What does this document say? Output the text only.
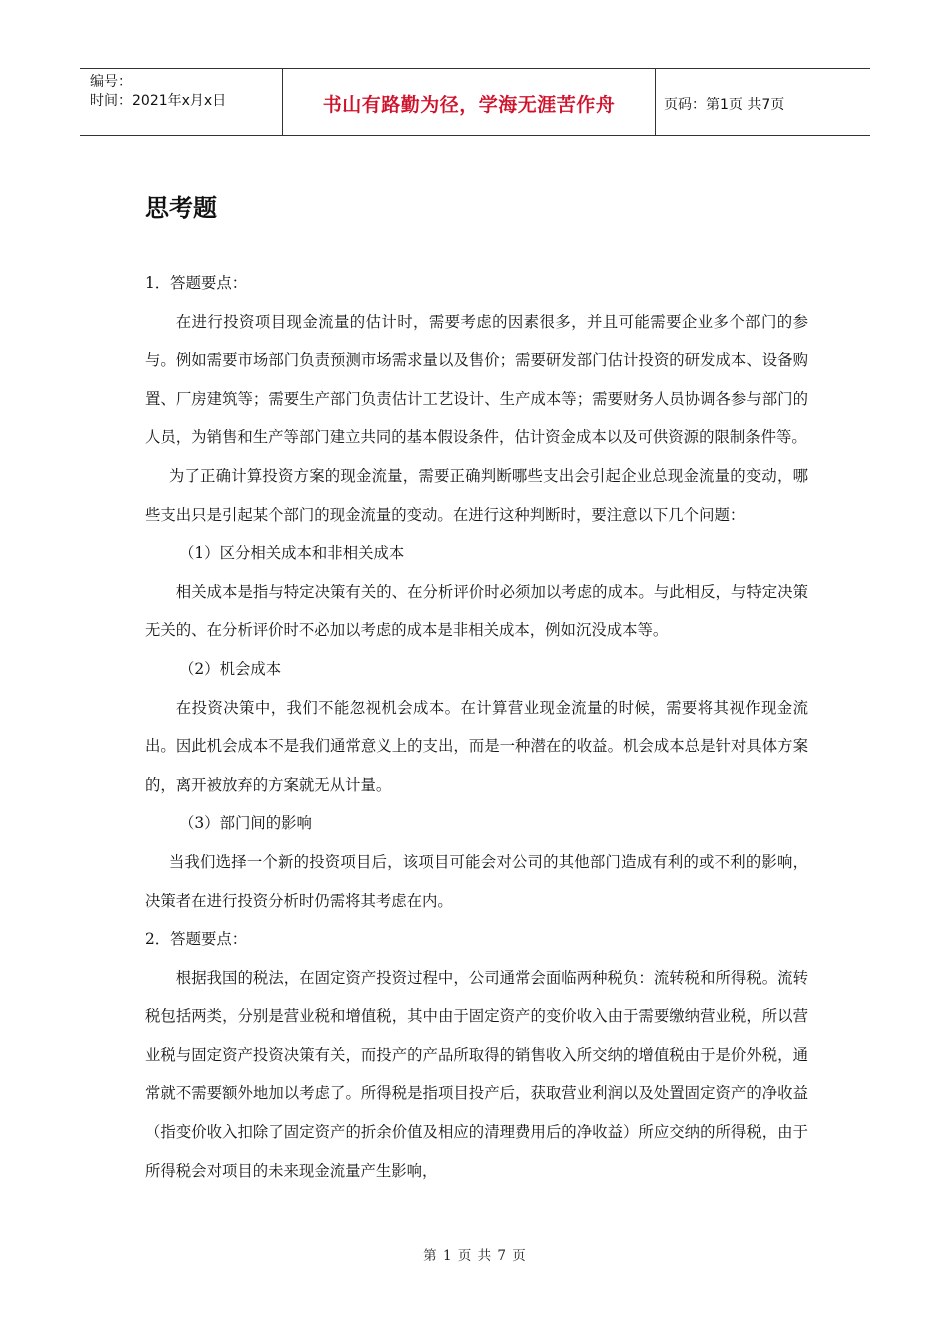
编号：
时间：2021年x月x日	书山有路勤为径，学海无涯苦作舟	页码：第1页 共7页
思考题

1．答题要点：

在进行投资项目现金流量的估计时，需要考虑的因素很多，并且可能需要企业多个部门的参与。例如需要市场部门负责预测市场需求量以及售价；需要研发部门估计投资的研发成本、设备购置、厂房建筑等；需要生产部门负责估计工艺设计、生产成本等；需要财务人员协调各参与部门的人员，为销售和生产等部门建立共同的基本假设条件，估计资金成本以及可供资源的限制条件等。

为了正确计算投资方案的现金流量，需要正确判断哪些支出会引起企业总现金流量的变动，哪些支出只是引起某个部门的现金流量的变动。在进行这种判断时，要注意以下几个问题：

（1）区分相关成本和非相关成本

相关成本是指与特定决策有关的、在分析评价时必须加以考虑的成本。与此相反，与特定决策无关的、在分析评价时不必加以考虑的成本是非相关成本，例如沉没成本等。

（2）机会成本

在投资决策中，我们不能忽视机会成本。在计算营业现金流量的时候，需要将其视作现金流出。因此机会成本不是我们通常意义上的支出，而是一种潜在的收益。机会成本总是针对具体方案的，离开被放弃的方案就无从计量。

（3）部门间的影响

当我们选择一个新的投资项目后，该项目可能会对公司的其他部门造成有利的或不利的影响，决策者在进行投资分析时仍需将其考虑在内。

2．答题要点：

根据我国的税法，在固定资产投资过程中，公司通常会面临两种税负：流转税和所得税。流转税包括两类，分别是营业税和增值税，其中由于固定资产的变价收入由于需要缴纳营业税，所以营业税与固定资产投资决策有关，而投产的产品所取得的销售收入所交纳的增值税由于是价外税，通常就不需要额外地加以考虑了。所得税是指项目投产后，获取营业利润以及处置固定资产的净收益（指变价收入扣除了固定资产的折余价值及相应的清理费用后的净收益）所应交纳的所得税，由于所得税会对项目的未来现金流量产生影响，

第 1 页 共 7 页
